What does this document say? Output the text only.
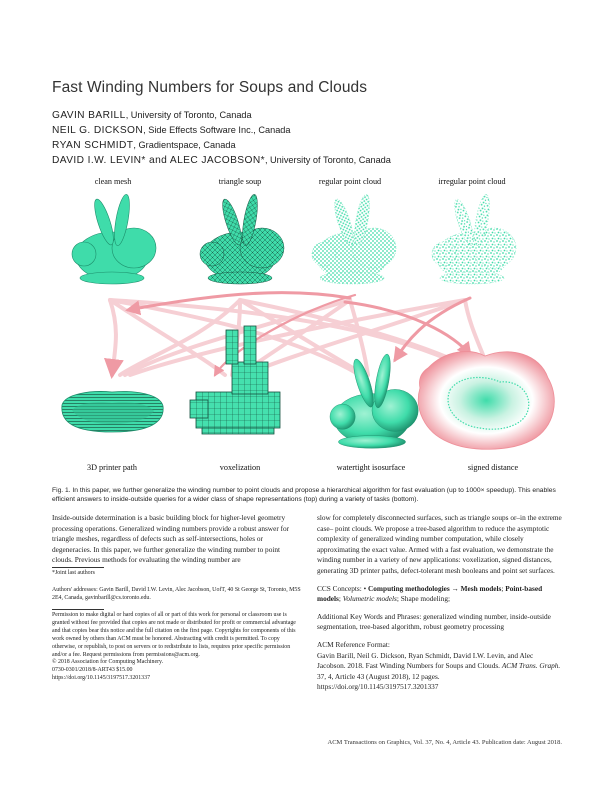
Fast Winding Numbers for Soups and Clouds
GAVIN BARILL, University of Toronto, Canada
NEIL G. DICKSON, Side Effects Software Inc., Canada
RYAN SCHMIDT, Gradientspace, Canada
DAVID I.W. LEVIN* and ALEC JACOBSON*, University of Toronto, Canada
clean mesh	triangle soup	regular point cloud	irregular point cloud
3D printer path	voxelization	watertight isosurface	signed distance
Fig. 1. In this paper, we further generalize the winding number to point clouds and propose a hierarchical algorithm for fast evaluation (up to 1000× speedup). This enables efficient answers to inside-outside queries for a wider class of shape representations (top) during a variety of tasks (bottom).

Inside-outside determination is a basic building block for higher-level geometry processing operations. Generalized winding numbers provide a robust answer for triangle meshes, regardless of defects such as self-intersections, holes or degeneracies. In this paper, we further generalize the winding number to point clouds. Previous methods for evaluating the winding number are

*Joint last authors
Authors' addresses: Gavin Barill, David I.W. Levin, Alec Jacobson, UofT, 40 St George St, Toronto, M5S 2E4, Canada, gavinbarill@cs.toronto.edu.

Permission to make digital or hard copies of all or part of this work for personal or classroom use is granted without fee provided that copies are not made or distributed for profit or commercial advantage and that copies bear this notice and the full citation on the first page. Copyrights for components of this work owned by others than ACM must be honored. Abstracting with credit is permitted. To copy otherwise, or republish, to post on servers or to redistribute to lists, requires prior specific permission and/or a fee. Request permissions from permissions@acm.org.

© 2018 Association for Computing Machinery.

0730-0301/2018/8-ART43 $15.00

https://doi.org/10.1145/3197517.3201337

slow for completely disconnected surfaces, such as triangle soups or–in the extreme case– point clouds. We propose a tree-based algorithm to reduce the asymptotic complexity of generalized winding number computation, while closely approximating the exact value. Armed with a fast evaluation, we demonstrate the winding number in a variety of new applications: voxelization, signed distances, generating 3D printer paths, defect-tolerant mesh booleans and point set surfaces.

CCS Concepts: • Computing methodologies → Mesh models; Point-based models; Volumetric models; Shape modeling;

Additional Key Words and Phrases: generalized winding number, inside-outside segmentation, tree-based algorithm, robust geometry processing

ACM Reference Format:

Gavin Barill, Neil G. Dickson, Ryan Schmidt, David I.W. Levin, and Alec Jacobson. 2018. Fast Winding Numbers for Soups and Clouds. ACM Trans. Graph. 37, 4, Article 43 (August 2018), 12 pages. https://doi.org/10.1145/3197517.3201337

ACM Transactions on Graphics, Vol. 37, No. 4, Article 43. Publication date: August 2018.
